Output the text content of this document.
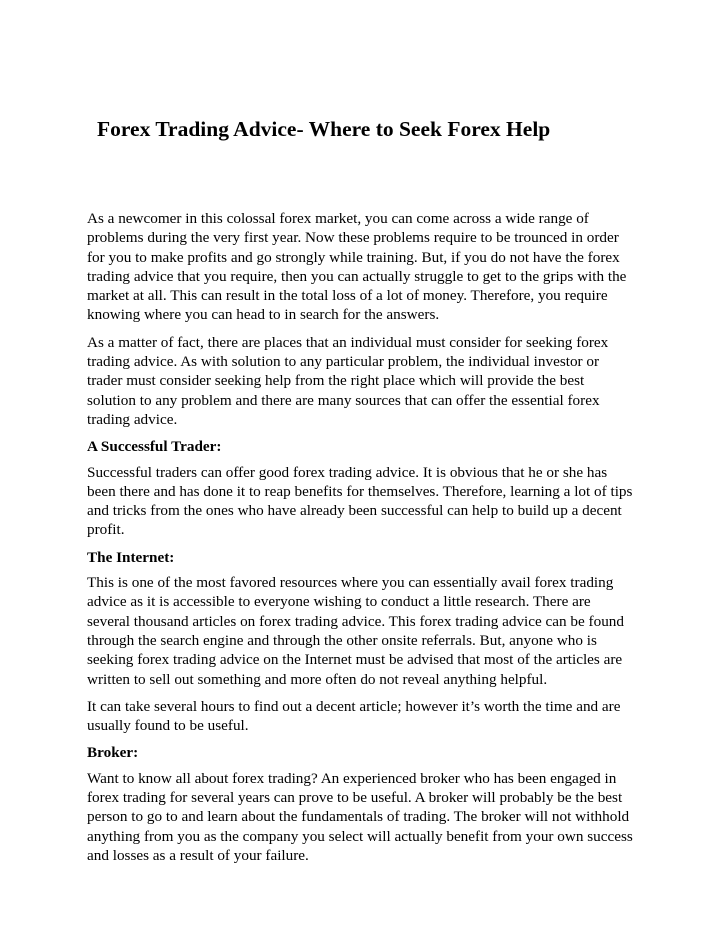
Forex Trading Advice- Where to Seek Forex Help

As a newcomer in this colossal forex market, you can come across a wide range of
problems during the very first year. Now these problems require to be trounced in order
for you to make profits and go strongly while training. But, if you do not have the forex
trading advice that you require, then you can actually struggle to get to the grips with the
market at all. This can result in the total loss of a lot of money. Therefore, you require
knowing where you can head to in search for the answers.

As a matter of fact, there are places that an individual must consider for seeking forex
trading advice. As with solution to any particular problem, the individual investor or
trader must consider seeking help from the right place which will provide the best
solution to any problem and there are many sources that can offer the essential forex
trading advice.

A Successful Trader:

Successful traders can offer good forex trading advice. It is obvious that he or she has
been there and has done it to reap benefits for themselves. Therefore, learning a lot of tips
and tricks from the ones who have already been successful can help to build up a decent
profit.

The Internet:

This is one of the most favored resources where you can essentially avail forex trading
advice as it is accessible to everyone wishing to conduct a little research. There are
several thousand articles on forex trading advice. This forex trading advice can be found
through the search engine and through the other onsite referrals. But, anyone who is
seeking forex trading advice on the Internet must be advised that most of the articles are
written to sell out something and more often do not reveal anything helpful.

It can take several hours to find out a decent article; however it’s worth the time and are
usually found to be useful.

Broker:

Want to know all about forex trading? An experienced broker who has been engaged in
forex trading for several years can prove to be useful. A broker will probably be the best
person to go to and learn about the fundamentals of trading. The broker will not withhold
anything from you as the company you select will actually benefit from your own success
and losses as a result of your failure.
